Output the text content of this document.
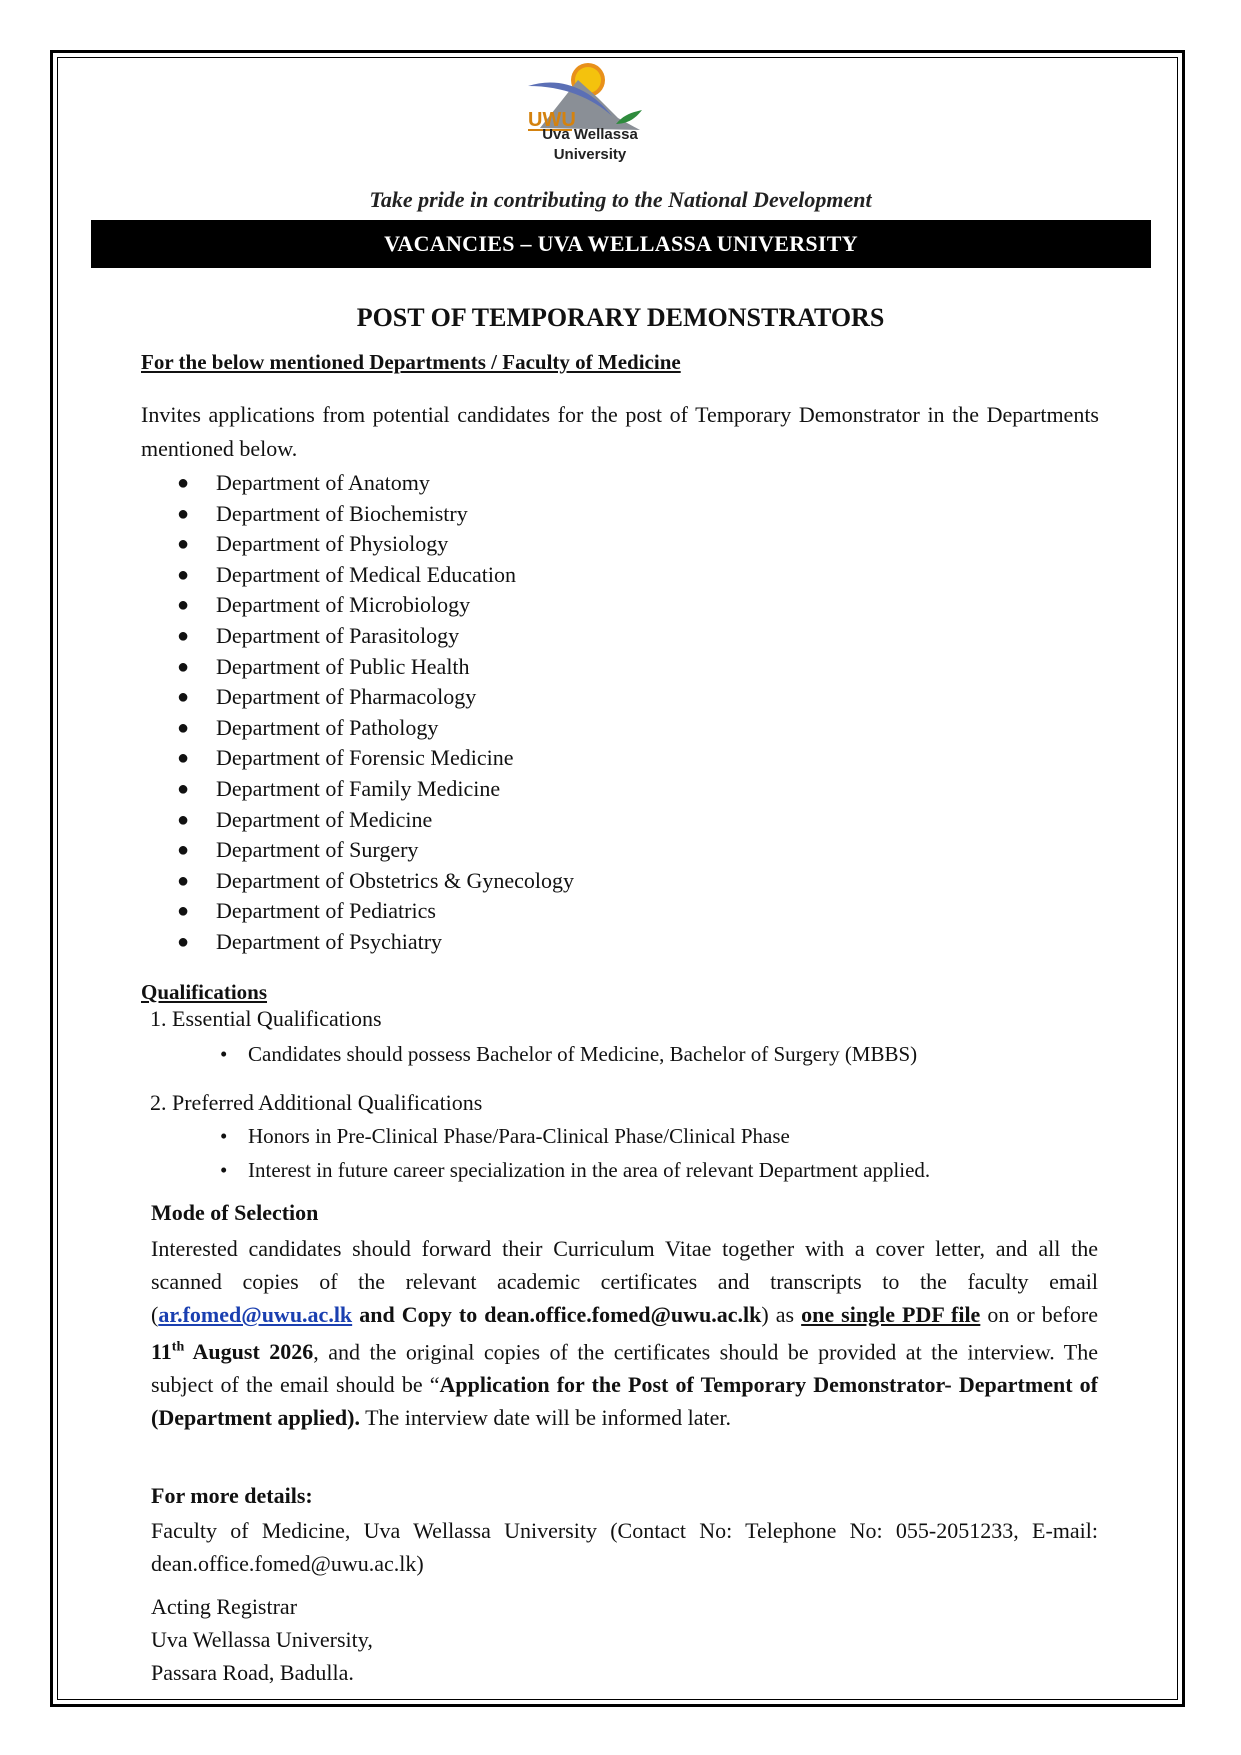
UWU
Uva Wellassa
University
Take pride in contributing to the National Development
VACANCIES – UVA WELLASSA UNIVERSITY
POST OF TEMPORARY DEMONSTRATORS
For the below mentioned Departments / Faculty of Medicine
Invites applications from potential candidates for the post of Temporary Demonstrator in the Departments mentioned below.
● Department of Anatomy
● Department of Biochemistry
● Department of Physiology
● Department of Medical Education
● Department of Microbiology
● Department of Parasitology
● Department of Public Health
● Department of Pharmacology
● Department of Pathology
● Department of Forensic Medicine
● Department of Family Medicine
● Department of Medicine
● Department of Surgery
● Department of Obstetrics & Gynecology
● Department of Pediatrics
● Department of Psychiatry
Qualifications
1. Essential Qualifications
• Candidates should possess Bachelor of Medicine, Bachelor of Surgery (MBBS)
2. Preferred Additional Qualifications
• Honors in Pre-Clinical Phase/Para-Clinical Phase/Clinical Phase
• Interest in future career specialization in the area of relevant Department applied.
Mode of Selection
Interested candidates should forward their Curriculum Vitae together with a cover letter, and all the scanned copies of the relevant academic certificates and transcripts to the faculty email (ar.fomed@uwu.ac.lk and Copy to dean.office.fomed@uwu.ac.lk) as one single PDF file on or before 11th August 2026, and the original copies of the certificates should be provided at the interview. The subject of the email should be “Application for the Post of Temporary Demonstrator- Department of (Department applied). The interview date will be informed later.
For more details:
Faculty of Medicine, Uva Wellassa University (Contact No: Telephone No: 055-2051233, E-mail: dean.office.fomed@uwu.ac.lk)
Acting Registrar
Uva Wellassa University,
Passara Road, Badulla.
